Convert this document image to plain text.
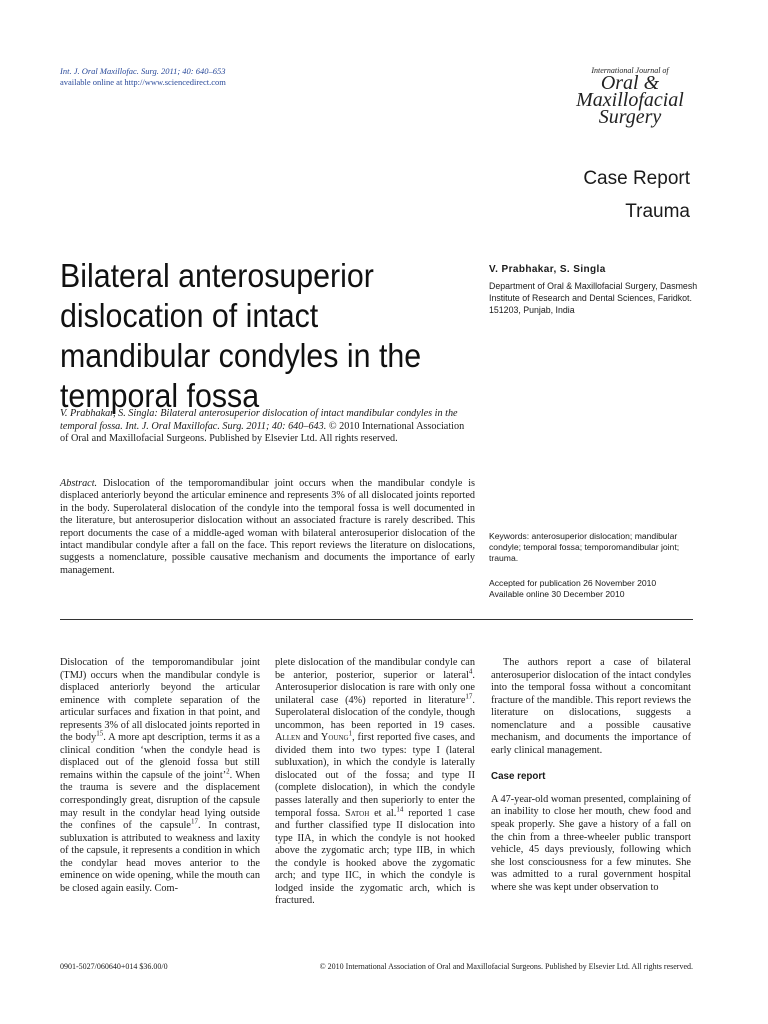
Int. J. Oral Maxillofac. Surg. 2011; 40: 640–653
available online at http://www.sciencedirect.com
International Journal of
Oral &
Maxillofacial
Surgery
Case Report
Trauma
Bilateral anterosuperior dislocation of intact mandibular condyles in the temporal fossa
V. Prabhakar, S. Singla
Department of Oral & Maxillofacial Surgery, Dasmesh Institute of Research and Dental Sciences, Faridkot. 151203, Punjab, India
V. Prabhakar, S. Singla: Bilateral anterosuperior dislocation of intact mandibular condyles in the temporal fossa. Int. J. Oral Maxillofac. Surg. 2011; 40: 640–643. © 2010 International Association of Oral and Maxillofacial Surgeons. Published by Elsevier Ltd. All rights reserved.
Abstract. Dislocation of the temporomandibular joint occurs when the mandibular condyle is displaced anteriorly beyond the articular eminence and represents 3% of all dislocated joints reported in the body. Superolateral dislocation of the condyle into the temporal fossa is well documented in the literature, but anterosuperior dislocation without an associated fracture is rarely described. This report documents the case of a middle-aged woman with bilateral anterosuperior dislocation of the intact mandibular condyle after a fall on the face. This report reviews the literature on dislocations, suggests a nomenclature, possible causative mechanism and documents the importance of early management.
Keywords: anterosuperior dislocation; mandibular condyle; temporal fossa; temporomandibular joint; trauma.
Accepted for publication 26 November 2010
Available online 30 December 2010

Dislocation of the temporomandibular joint (TMJ) occurs when the mandibular condyle is displaced anteriorly beyond the articular eminence with complete separation of the articular surfaces and fixation in that point, and represents 3% of all dislocated joints reported in the body$^{15}$. A more apt description, terms it as a clinical condition ‘when the condyle head is displaced out of the glenoid fossa but still remains within the capsule of the joint’$^2$. When the trauma is severe and the displacement correspondingly great, disruption of the capsule may result in the condylar head lying outside the confines of the capsule$^{17}$. In contrast, subluxation is attributed to weakness and laxity of the capsule, it represents a condition in which the condylar head moves anterior to the eminence on wide opening, while the mouth can be closed again easily. Com-

plete dislocation of the mandibular condyle can be anterior, posterior, superior or lateral$^4$. Anterosuperior dislocation is rare with only one unilateral case (4%) reported in literature$^{17}$. Superolateral dislocation of the condyle, though uncommon, has been reported in 19 cases. Allen and Young$^1$, first reported five cases, and divided them into two types: type I (lateral subluxation), in which the condyle is laterally dislocated out of the fossa; and type II (complete dislocation), in which the condyle passes laterally and then superiorly to enter the temporal fossa. Satoh et al.$^{14}$ reported 1 case and further classified type II dislocation into type IIA, in which the condyle is not hooked above the zygomatic arch; type IIB, in which the condyle is hooked above the zygomatic arch; and type IIC, in which the condyle is lodged inside the zygomatic arch, which is fractured.

The authors report a case of bilateral anterosuperior dislocation of the intact condyles into the temporal fossa without a concomitant fracture of the mandible. This report reviews the literature on dislocations, suggests a nomenclature and a possible causative mechanism, and documents the importance of early clinical management.

Case report

A 47-year-old woman presented, complaining of an inability to close her mouth, chew food and speak properly. She gave a history of a fall on the chin from a three-wheeler public transport vehicle, 45 days previously, following which she lost consciousness for a few minutes. She was admitted to a rural government hospital where she was kept under observation to

0901-5027/060640+014 $36.00/0	© 2010 International Association of Oral and Maxillofacial Surgeons. Published by Elsevier Ltd. All rights reserved.
